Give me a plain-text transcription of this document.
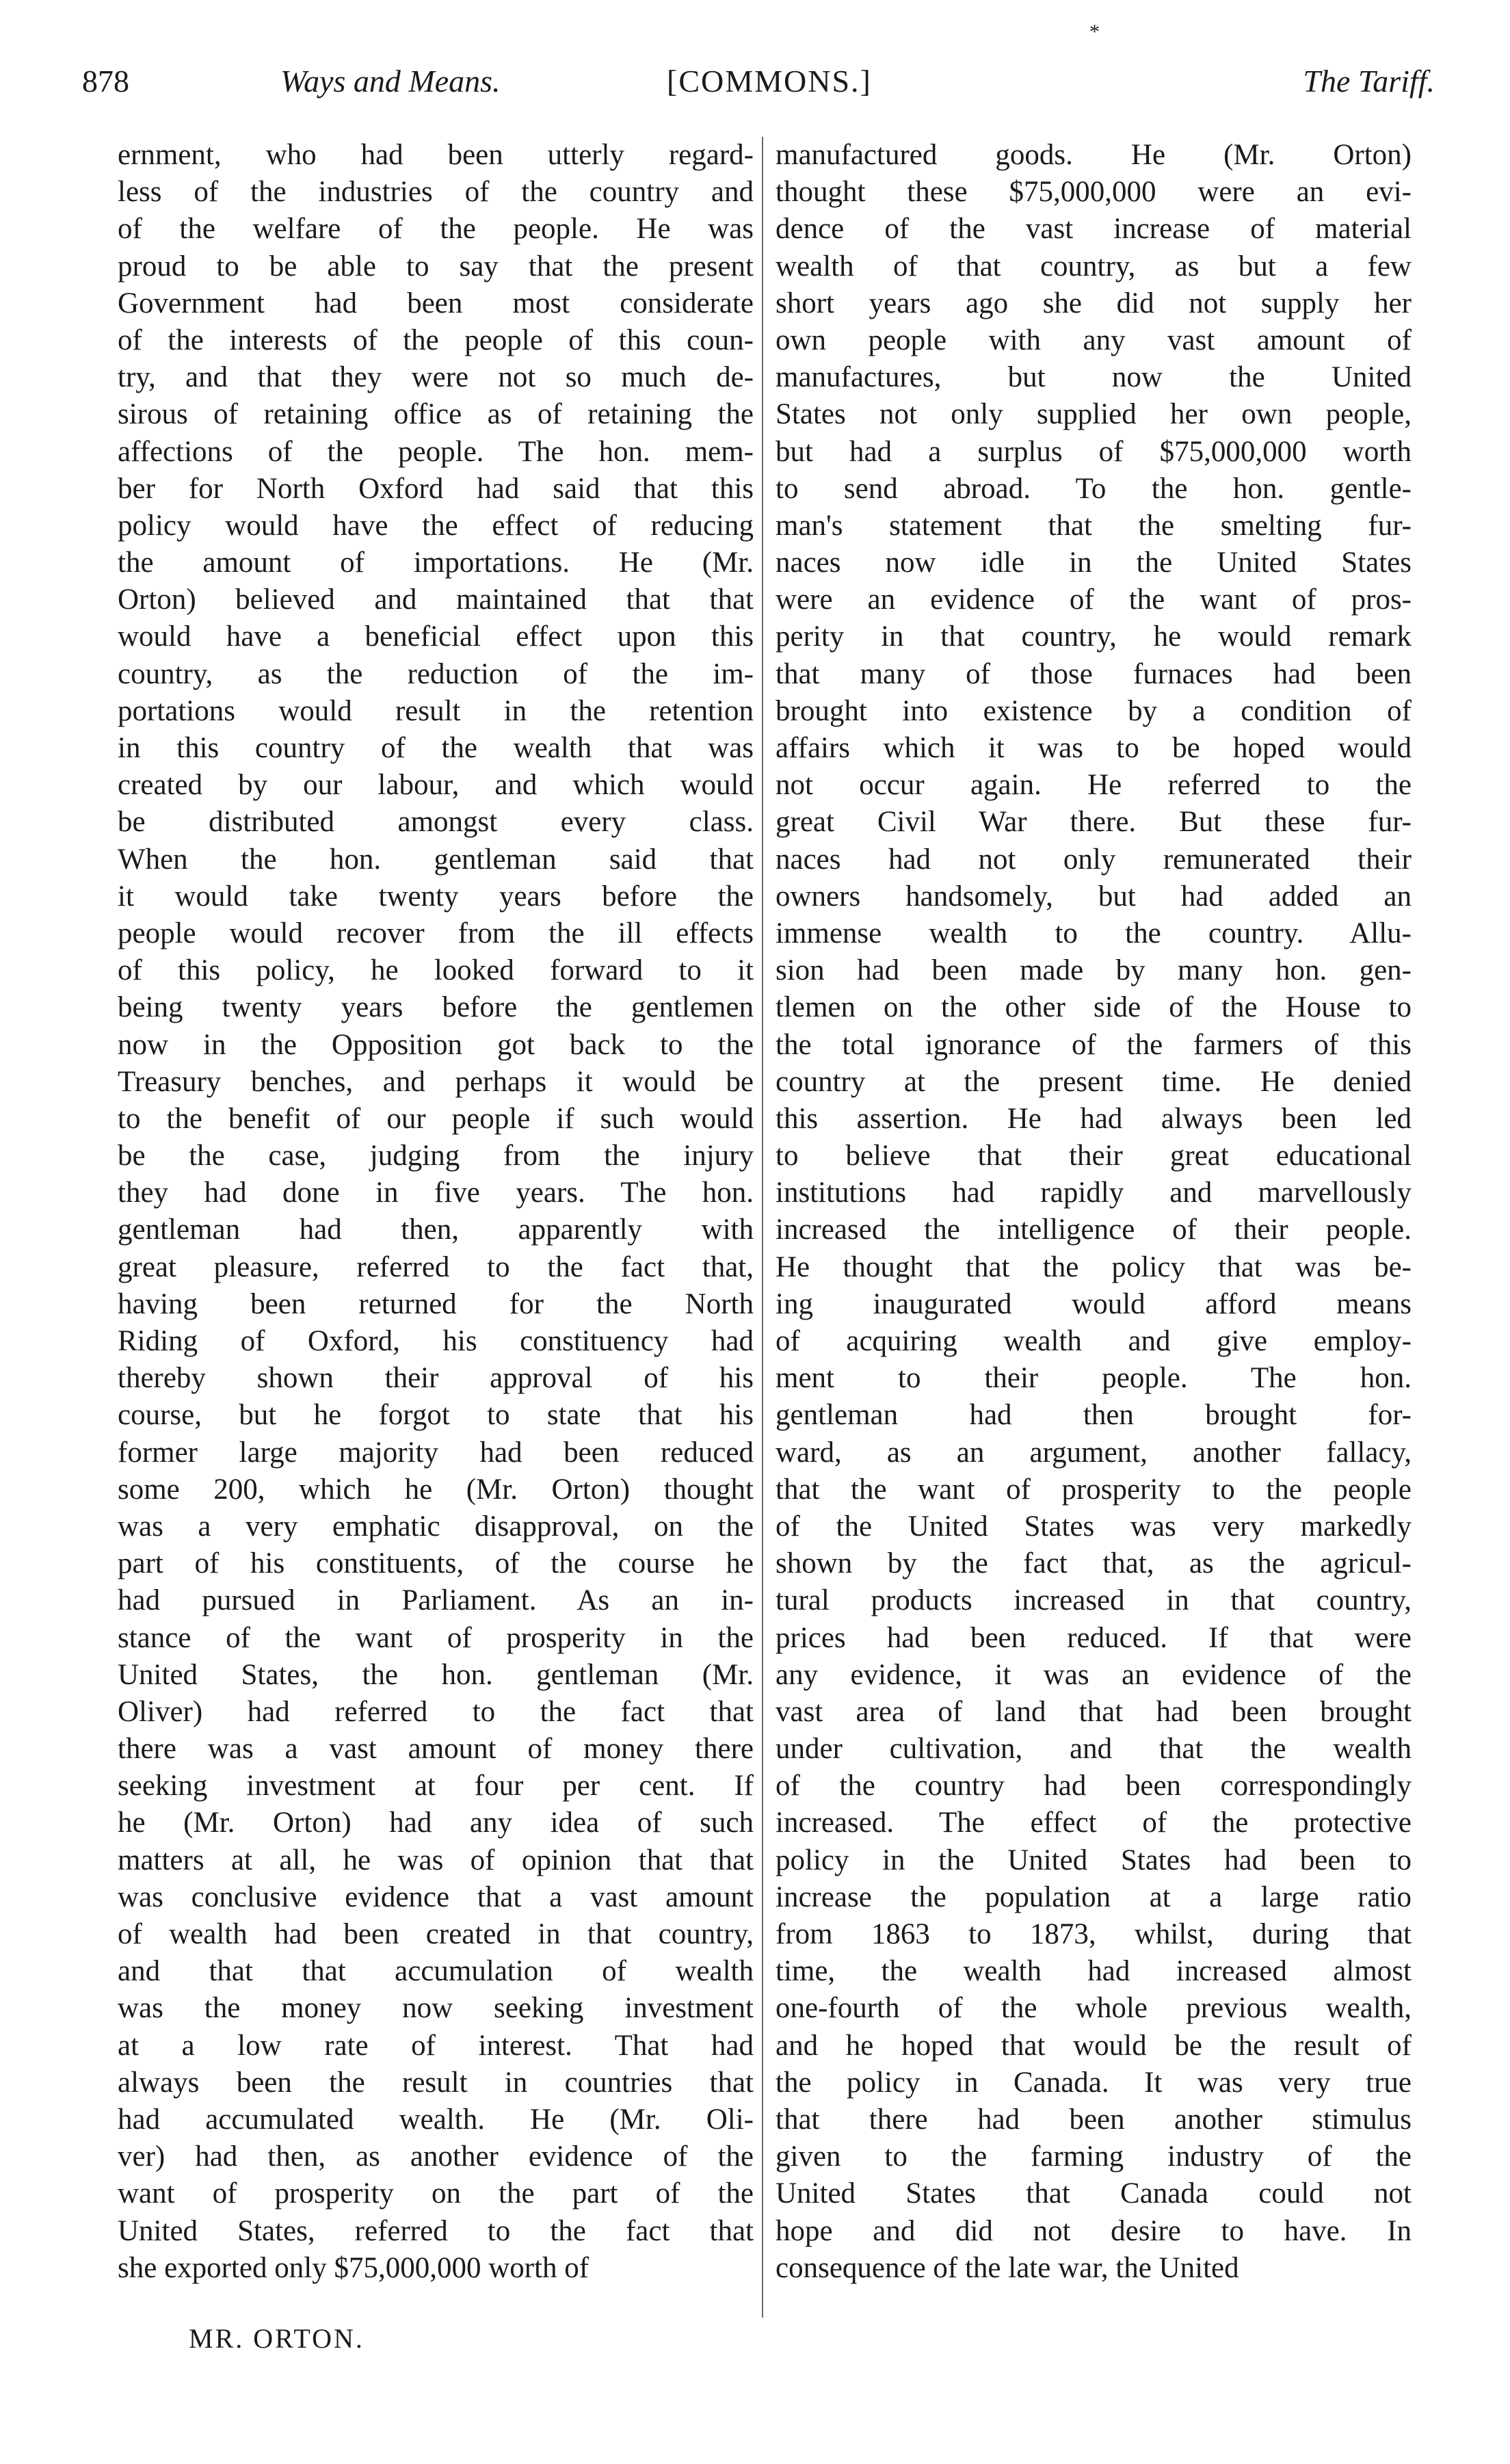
878	Ways and Means.	[COMMONS.]	The Tariff.
*
ernment, who had been utterly regard-
less of the industries of the country and
of the welfare of the people. He was
proud to be able to say that the present
Government had been most considerate
of the interests of the people of this coun-
try, and that they were not so much de-
sirous of retaining office as of retaining the
affections of the people. The hon. mem-
ber for North Oxford had said that this
policy would have the effect of reducing
the amount of importations. He (Mr.
Orton) believed and maintained that that
would have a beneficial effect upon this
country, as the reduction of the im-
portations would result in the retention
in this country of the wealth that was
created by our labour, and which would
be distributed amongst every class.
When the hon. gentleman said that
it would take twenty years before the
people would recover from the ill effects
of this policy, he looked forward to it
being twenty years before the gentlemen
now in the Opposition got back to the
Treasury benches, and perhaps it would be
to the benefit of our people if such would
be the case, judging from the injury
they had done in five years. The hon.
gentleman had then, apparently with
great pleasure, referred to the fact that,
having been returned for the North
Riding of Oxford, his constituency had
thereby shown their approval of his
course, but he forgot to state that his
former large majority had been reduced
some 200, which he (Mr. Orton) thought
was a very emphatic disapproval, on the
part of his constituents, of the course he
had pursued in Parliament. As an in-
stance of the want of prosperity in the
United States, the hon. gentleman (Mr.
Oliver) had referred to the fact that
there was a vast amount of money there
seeking investment at four per cent. If
he (Mr. Orton) had any idea of such
matters at all, he was of opinion that that
was conclusive evidence that a vast amount
of wealth had been created in that country,
and that that accumulation of wealth
was the money now seeking investment
at a low rate of interest. That had
always been the result in countries that
had accumulated wealth. He (Mr. Oli-
ver) had then, as another evidence of the
want of prosperity on the part of the
United States, referred to the fact that
she exported only $75,000,000 worth of
manufactured goods. He (Mr. Orton)
thought these $75,000,000 were an evi-
dence of the vast increase of material
wealth of that country, as but a few
short years ago she did not supply her
own people with any vast amount of
manufactures, but now the United
States not only supplied her own people,
but had a surplus of $75,000,000 worth
to send abroad. To the hon. gentle-
man's statement that the smelting fur-
naces now idle in the United States
were an evidence of the want of pros-
perity in that country, he would remark
that many of those furnaces had been
brought into existence by a condition of
affairs which it was to be hoped would
not occur again. He referred to the
great Civil War there. But these fur-
naces had not only remunerated their
owners handsomely, but had added an
immense wealth to the country. Allu-
sion had been made by many hon. gen-
tlemen on the other side of the House to
the total ignorance of the farmers of this
country at the present time. He denied
this assertion. He had always been led
to believe that their great educational
institutions had rapidly and marvellously
increased the intelligence of their people.
He thought that the policy that was be-
ing inaugurated would afford means
of acquiring wealth and give employ-
ment to their people. The hon.
gentleman had then brought for-
ward, as an argument, another fallacy,
that the want of prosperity to the people
of the United States was very markedly
shown by the fact that, as the agricul-
tural products increased in that country,
prices had been reduced. If that were
any evidence, it was an evidence of the
vast area of land that had been brought
under cultivation, and that the wealth
of the country had been correspondingly
increased. The effect of the protective
policy in the United States had been to
increase the population at a large ratio
from 1863 to 1873, whilst, during that
time, the wealth had increased almost
one-fourth of the whole previous wealth,
and he hoped that would be the result of
the policy in Canada. It was very true
that there had been another stimulus
given to the farming industry of the
United States that Canada could not
hope and did not desire to have. In
consequence of the late war, the United
MR. ORTON.
